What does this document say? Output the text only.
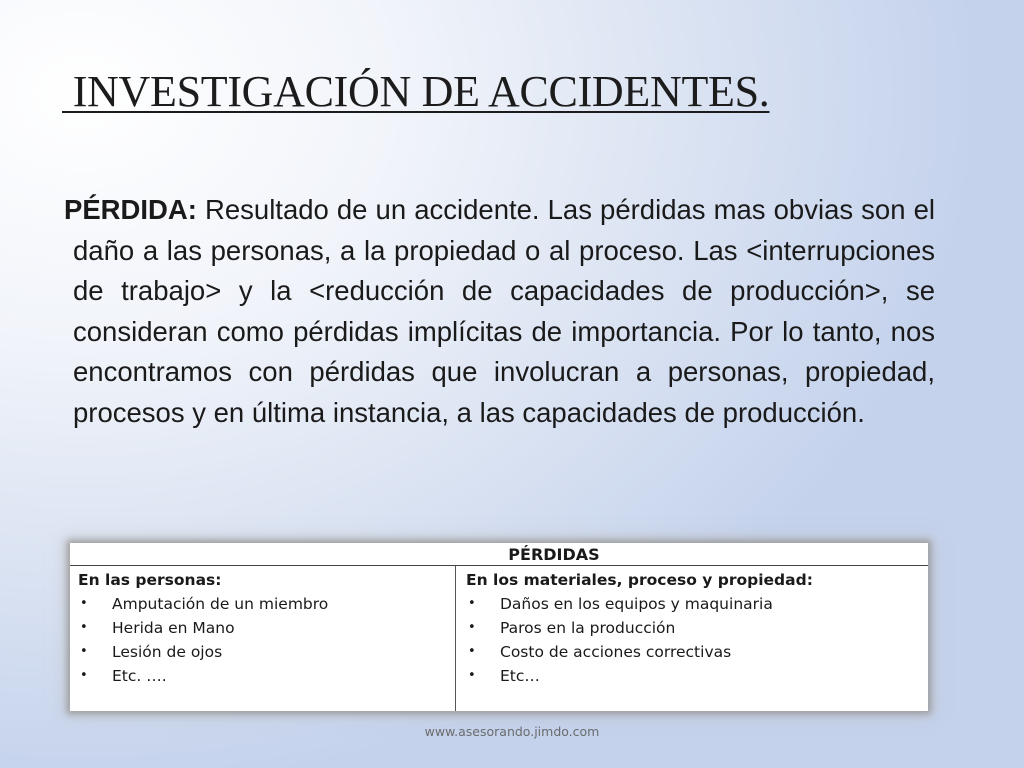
INVESTIGACIÓN DE ACCIDENTES.

PÉRDIDA: Resultado de un accidente. Las pérdidas mas obvias son el daño a las personas, a la propiedad o al proceso. Las <interrupciones de trabajo> y la <reducción de capacidades de producción>, se consideran como pérdidas implícitas de importancia. Por lo tanto, nos encontramos con pérdidas que involucran a personas, propiedad, procesos y en última instancia, a las capacidades de producción.

PÉRDIDAS

En las personas:

• Amputación de un miembro
• Herida en Mano
• Lesión de ojos
• Etc. ….

En los materiales, proceso y propiedad:

• Daños en los equipos y maquinaria
• Paros en la producción
• Costo de acciones correctivas
• Etc…
www.asesorando.jimdo.com
